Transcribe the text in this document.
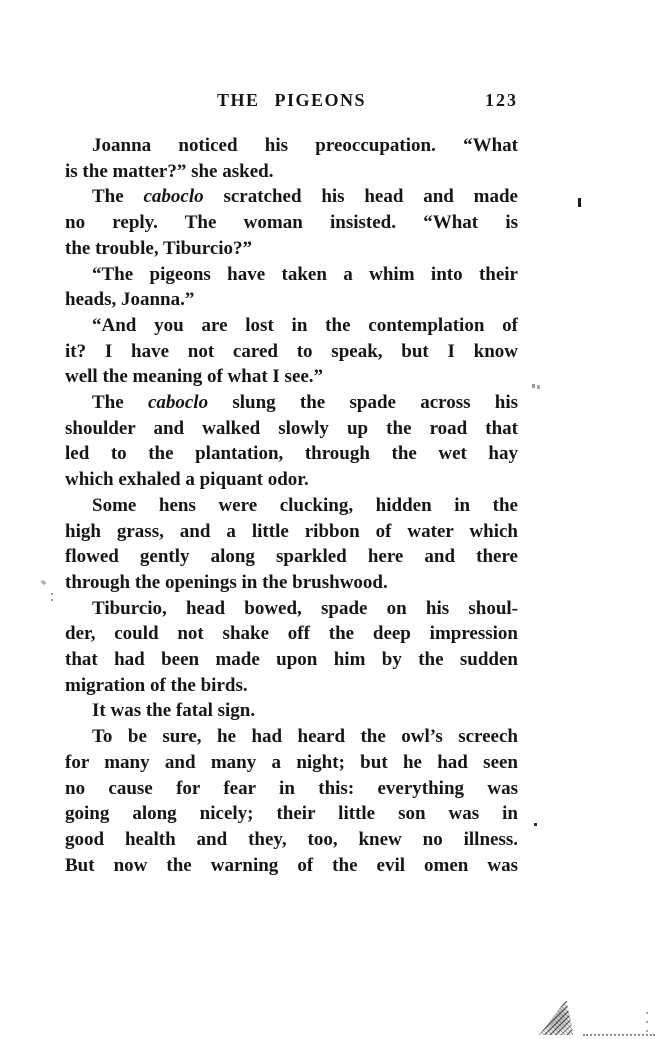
THE PIGEONS	123
Joanna noticed his preoccupation. “What
is the matter?” she asked.
The caboclo scratched his head and made
no reply. The woman insisted. “What is
the trouble, Tiburcio?”
“The pigeons have taken a whim into their
heads, Joanna.”
“And you are lost in the contemplation of
it? I have not cared to speak, but I know
well the meaning of what I see.”
The caboclo slung the spade across his
shoulder and walked slowly up the road that
led to the plantation, through the wet hay
which exhaled a piquant odor.
Some hens were clucking, hidden in the
high grass, and a little ribbon of water which
flowed gently along sparkled here and there
through the openings in the brushwood.
Tiburcio, head bowed, spade on his shoul-
der, could not shake off the deep impression
that had been made upon him by the sudden
migration of the birds.
It was the fatal sign.
To be sure, he had heard the owl’s screech
for many and many a night; but he had seen
no cause for fear in this: everything was
going along nicely; their little son was in
good health and they, too, knew no illness.
But now the warning of the evil omen was
